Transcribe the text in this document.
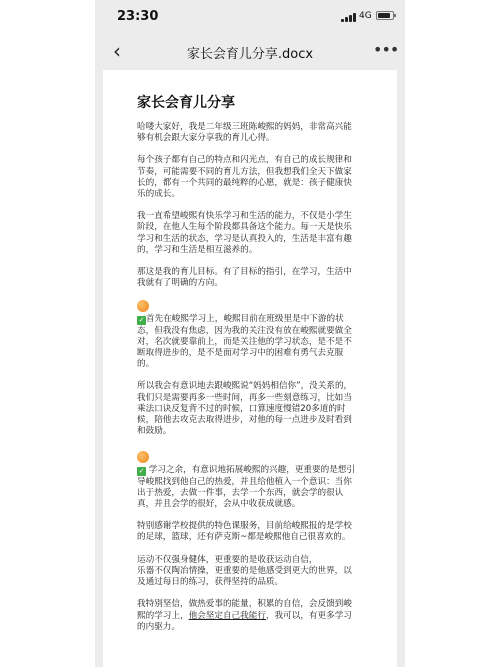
23:30	4G
‹	家长会育儿分享.docx	•••
家长会育儿分享

哈喽大家好，我是二年级三班陈峻熙的妈妈，非常高兴能够有机会跟大家分享我的育儿心得。

每个孩子都有自己的特点和闪光点，有自己的成长规律和节奏，可能需要不同的育儿方法，但我想我们全天下做家长的，都有一个共同的最纯粹的心愿，就是：孩子健康快乐的成长。

我一直希望峻熙有快乐学习和生活的能力，不仅是小学生阶段，在他人生每个阶段都具备这个能力。每一天是快乐学习和生活的状态，学习是认真投入的，生活是丰富有趣的，学习和生活是相互滋养的。

那这是我的育儿目标。有了目标的指引，在学习，生活中我就有了明确的方向。

✓ 首先在峻熙学习上，峻熙目前在班级里是中下游的状态，但我没有焦虑，因为我的关注没有放在峻熙就要做全对，名次就要靠前上，而是关注他的学习状态，是不是不断取得进步的，是不是面对学习中的困难有勇气去克服的。

所以我会有意识地去跟峻熙说“妈妈相信你”，没关系的，我们只是需要再多一些时间，再多一些刻意练习，比如当乘法口诀反复背不过的时候，口算速度慢错20多道的时候，陪他去攻克去取得进步，对他的每一点进步及时看到和鼓励。

✓ 学习之余，有意识地拓展峻熙的兴趣，更重要的是想引导峻熙找到他自己的热爱，并且给他植入一个意识：当你出于热爱，去做一件事，去学一个东西，就会学的很认真，并且会学的很好，会从中收获成就感。

特别感谢学校提供的特色课服务，目前给峻熙报的是学校的足球，篮球，还有萨克斯~都是峻熙他自己很喜欢的。

运动不仅强身健体，更重要的是收获运动自信，
乐器不仅陶冶情操，更重要的是他感受到更大的世界，以及通过每日的练习，获得坚持的品质。

我特别坚信，做热爱事的能量，积累的自信，会反馈到峻熙的学习上，他会坚定自己我能行，我可以，有更多学习的内驱力。
